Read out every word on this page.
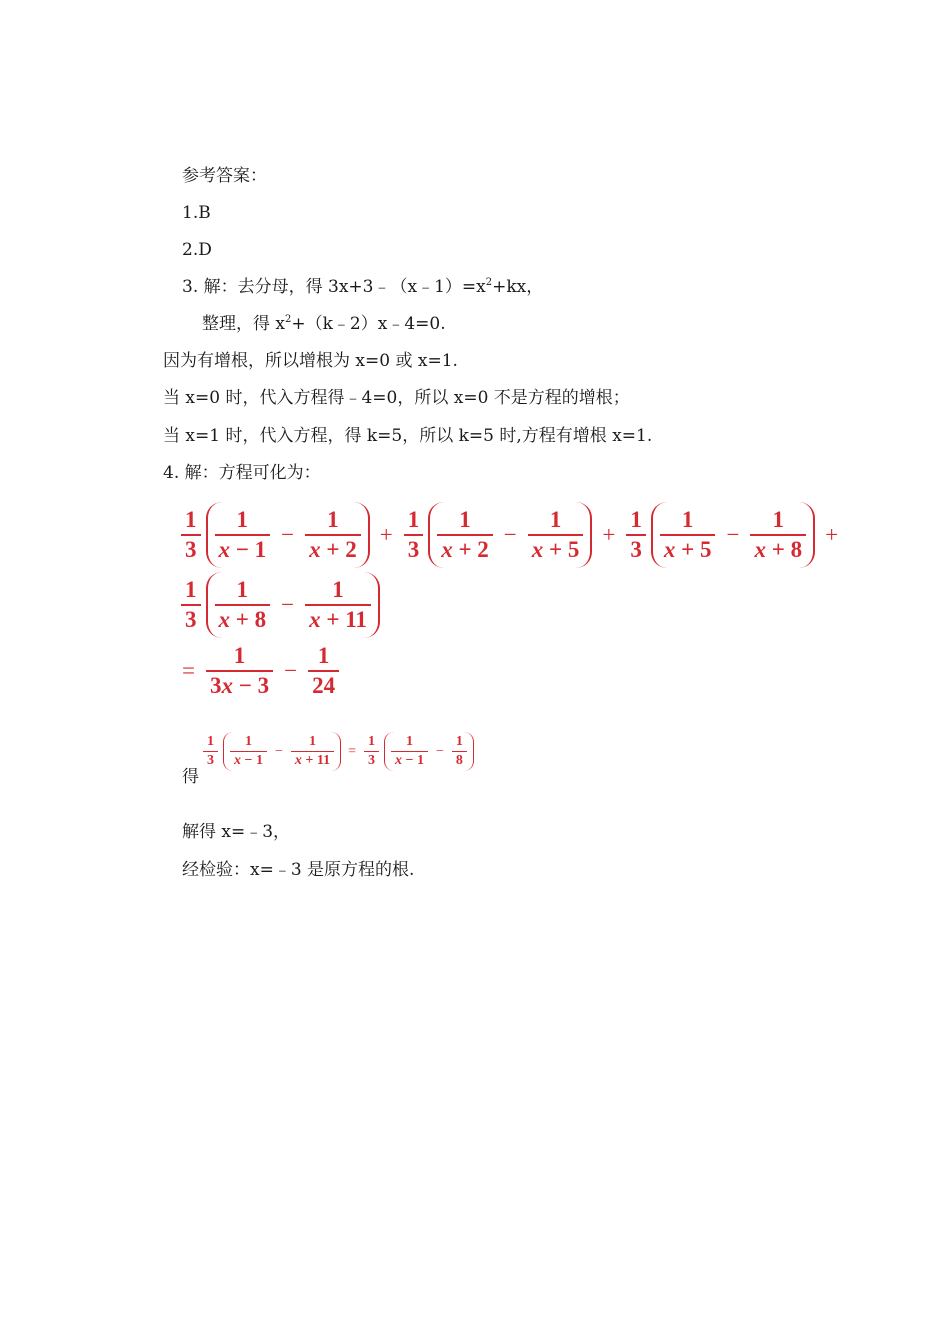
参考答案：
1.B
2.D
3. 解：去分母，得 $3x+3﹣(x﹣1)=x^2+kx$，
整理，得 $x^2+(k﹣2)x﹣4=0$.
因为有增根，所以增根为 x=0 或 x=1.
当 x=0 时，代入方程得﹣4=0，所以 x=0 不是方程的增根；
当 x=1 时，代入方程，得 k=5，所以 k=5 时,方程有增根 x=1.
4. 解：方程可化为：
$\frac{1}{3} \frac{1}{x - 1} - \frac{1}{x + 2} + \frac{1}{3} \frac{1}{x + 2} - \frac{1}{x + 5} + \frac{1}{3} \frac{1}{x + 5} - \frac{1}{x + 8}$ +
$\frac{1}{3} \frac{1}{x + 8} - \frac{1}{x + 11}$
= $\frac{1}{3x - 3} - \frac{1}{24}$
得
$\frac{1}{3} \frac{1}{x - 1} - \frac{1}{x + 11} = \frac{1}{3} \frac{1}{x - 1} - \frac{1}{8}$
解得 x=﹣3，
经检验：x=﹣3 是原方程的根.
